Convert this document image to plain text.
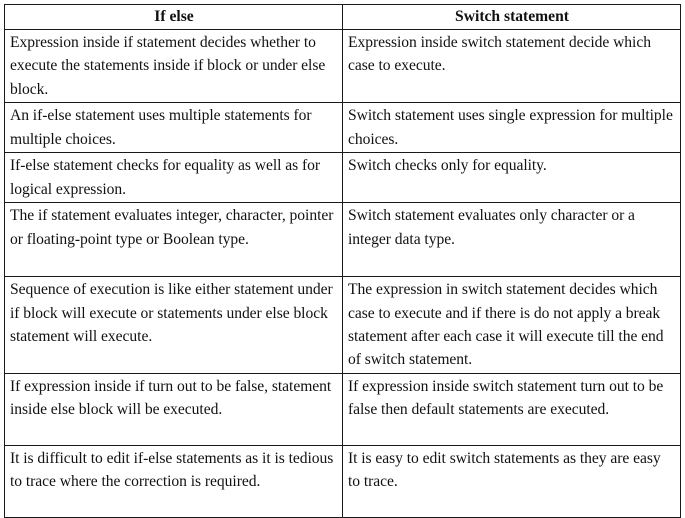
If else	Switch statement
Expression inside if statement decides whether to execute the statements inside if block or under else block.	Expression inside switch statement decide which case to execute.
An if-else statement uses multiple statements for multiple choices.	Switch statement uses single expression for multiple choices.
If-else statement checks for equality as well as for logical expression.	Switch checks only for equality.
The if statement evaluates integer, character, pointer or floating-point type or Boolean type.	Switch statement evaluates only character or a integer data type.
Sequence of execution is like either statement under if block will execute or statements under else block statement will execute.	The expression in switch statement decides which case to execute and if there is do not apply a break statement after each case it will execute till the end of switch statement.
If expression inside if turn out to be false, statement inside else block will be executed.	If expression inside switch statement turn out to be false then default statements are executed.
It is difficult to edit if-else statements as it is tedious to trace where the correction is required.	It is easy to edit switch statements as they are easy to trace.
